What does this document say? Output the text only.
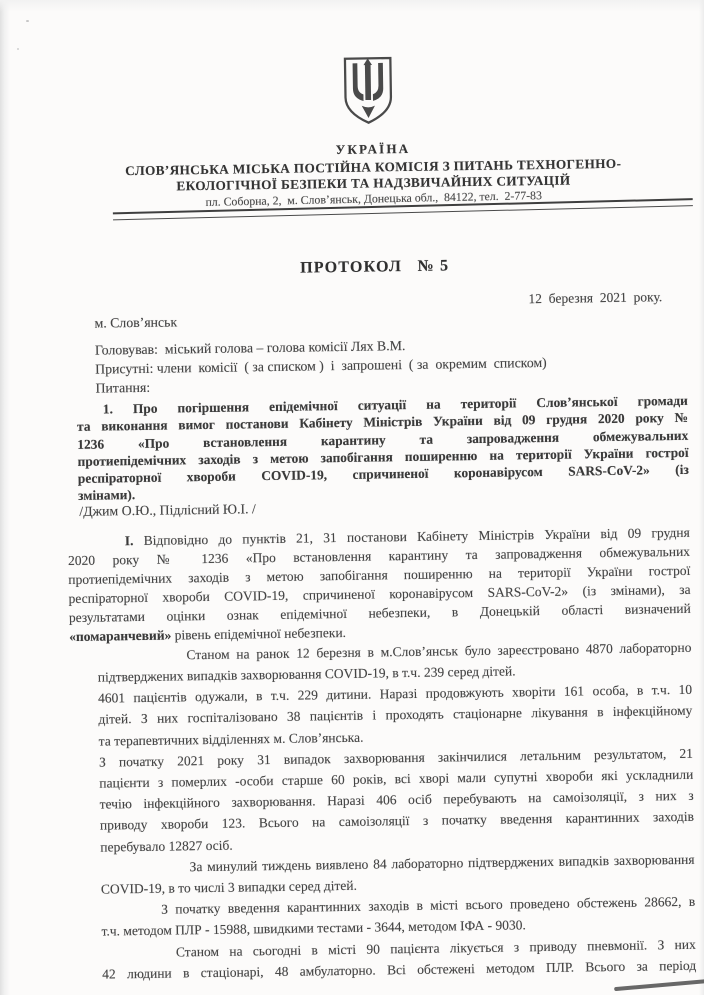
УКРАЇНА
СЛОВ’ЯНСЬКА МІСЬКА ПОСТІЙНА КОМІСІЯ З ПИТАНЬ ТЕХНОГЕННО-
ЕКОЛОГІЧНОЇ БЕЗПЕКИ ТА НАДЗВИЧАЙНИХ СИТУАЦІЙ
пл. Соборна, 2,  м. Слов’янськ, Донецька обл.,  84122, тел.  2-77-83
ПРОТОКОЛ   № 5
12  березня  2021  року.
м. Слов’янськ
Головував:  міський голова – голова комісії Лях В.М.
Присутні: члени  комісії  ( за списком )  і  запрошені  ( за  окремим  списком)
Питання:
1. Про погіршення епідемічної ситуації на території Слов’янської громади
та виконання вимог постанови Кабінету Міністрів України від 09 грудня 2020 року №
1236 «Про встановлення карантину та запровадження обмежувальних
протиепідемічних заходів з метою запобігання поширенню на території України гострої
респіраторної хвороби COVID-19, спричиненої коронавірусом SARS-CoV-2» (із
змінами).
/Джим О.Ю., Підлісний Ю.І. /
І. Відповідно до пунктів 21, 31 постанови Кабінету Міністрів України від 09 грудня
2020 року № 1236 «Про встановлення карантину та запровадження обмежувальних
протиепідемічних заходів з метою запобігання поширенню на території України гострої
респіраторної хвороби COVID-19, спричиненої коронавірусом SARS-CoV-2» (із змінами), за
результатами оцінки ознак епідемічної небезпеки, в Донецькій області визначений
«помаранчевий» рівень епідемічної небезпеки.
Станом на ранок 12 березня в м.Слов’янськ було зареєстровано 4870 лабораторно
підтверджених випадків захворювання COVID-19, в т.ч. 239 серед дітей.
4601 пацієнтів одужали, в т.ч. 229 дитини. Наразі продовжують хворіти 161 особа, в т.ч. 10
дітей. З них госпіталізовано 38 пацієнтів і проходять стаціонарне лікування в інфекційному
та терапевтичних відділеннях м. Слов’янська.
З початку 2021 року 31 випадок захворювання закінчилися летальним результатом, 21
пацієнти з померлих -особи старше 60 років, всі хворі мали супутні хвороби які ускладнили
течію інфекційного захворювання. Наразі 406 осіб перебувають на самоізоляції, з них з
приводу хвороби 123. Всього на самоізоляції з початку введення карантинних заходів
перебувало 12827 осіб.
За минулий тиждень виявлено 84 лабораторно підтверджених випадків захворювання
COVID-19, в то числі 3 випадки серед дітей.
З початку введення карантинних заходів в місті всього проведено обстежень 28662, в
т.ч. методом ПЛР - 15988, швидкими тестами - 3644, методом ІФА - 9030.
Станом на сьогодні в місті 90 пацієнта лікується з приводу пневмонії. З них
42 людини в стаціонарі, 48 амбулаторно. Всі обстежені методом ПЛР. Всього за період
